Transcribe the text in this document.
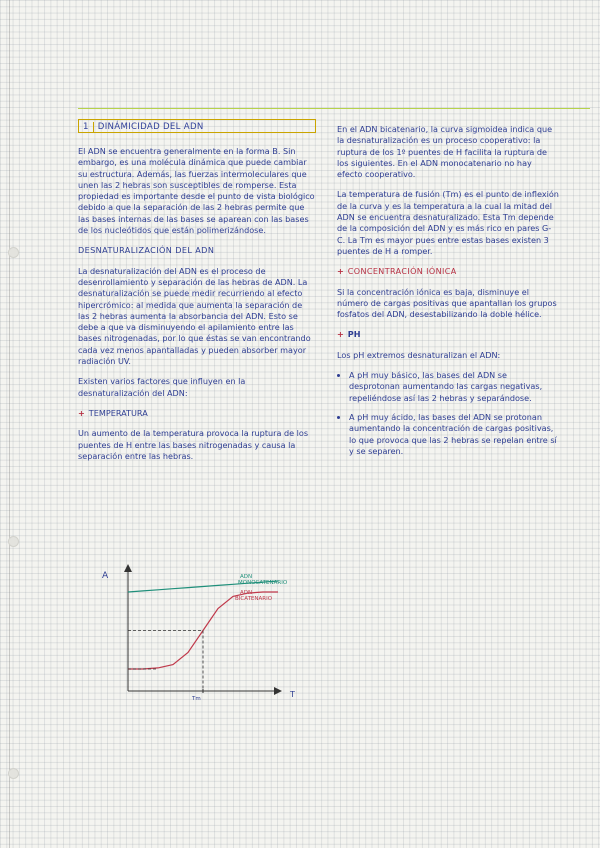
1 DINÁMICIDAD DEL ADN

El ADN se encuentra generalmente en la forma B. Sin embargo, es una molécula dinámica que puede cambiar su estructura. Además, las fuerzas intermoleculares que unen las 2 hebras son susceptibles de romperse. Esta propiedad es importante desde el punto de vista biológico debido a que la separación de las 2 hebras permite que las bases internas de las bases se aparean con las bases de los nucleótidos que están polimerizándose.

DESNATURALIZACIÓN DEL ADN

La desnaturalización del ADN es el proceso de desenrollamiento y separación de las hebras de ADN. La desnaturalización se puede medir recurriendo al efecto hipercrómico: al medida que aumenta la separación de las 2 hebras aumenta la absorbancia del ADN. Esto se debe a que va disminuyendo el apilamiento entre las bases nitrogenadas, por lo que éstas se van encontrando cada vez menos apantalladas y pueden absorber mayor radiación UV.

Existen varios factores que influyen en la desnaturalización del ADN:

+ TEMPERATURA

Un aumento de la temperatura provoca la ruptura de los puentes de H entre las bases nitrogenadas y causa la separación entre las hebras.

A
T
ADN
MONOCATENARIO
ADN
BICATENARIO
Tm

En el ADN bicatenario, la curva sigmoidea indica que la desnaturalización es un proceso cooperativo: la ruptura de los 1º puentes de H facilita la ruptura de los siguientes. En el ADN monocatenario no hay efecto cooperativo.

La temperatura de fusión (Tm) es el punto de inflexión de la curva y es la temperatura a la cual la mitad del ADN se encuentra desnaturalizado. Esta Tm depende de la composición del ADN y es más rico en pares G-C. La Tm es mayor pues entre estas bases existen 3 puentes de H a romper.

+ CONCENTRACIÓN IÓNICA

Si la concentración iónica es baja, disminuye el número de cargas positivas que apantallan los grupos fosfatos del ADN, desestabilizando la doble hélice.

+ PH

Los pH extremos desnaturalizan el ADN:

• A pH muy básico, las bases del ADN se desprotonan aumentando las cargas negativas, repeliéndose así las 2 hebras y separándose.
• A pH muy ácido, las bases del ADN se protonan aumentando la concentración de cargas positivas, lo que provoca que las 2 hebras se repelan entre sí y se separen.
